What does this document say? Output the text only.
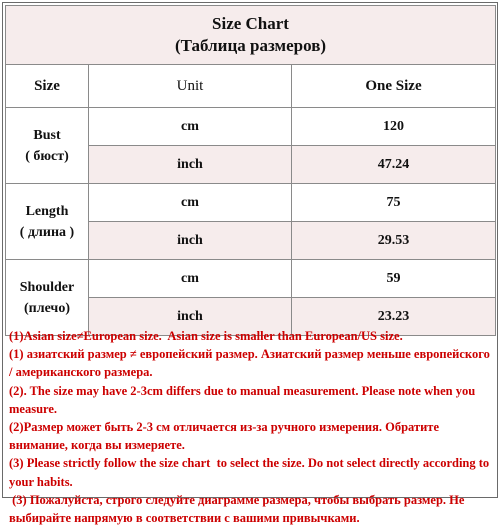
Size Chart
(Таблица размеров)		

Size	Unit	One Size

Bust
( бюст)	cm	120
	inch	47.24

Length
( длина )	cm	75
	inch	29.53

Shoulder
(плечо)	cm	59
	inch	23.23
(1)Asian size≠European size.  Asian size is smaller than European/US size.
(1) азиатский размер ≠ европейский размер. Азиатский размер меньше европейского / американского размера.
(2). The size may have 2-3cm differs due to manual measurement. Please note when you measure.
(2)Размер может быть 2-3 см отличается из-за ручного измерения. Обратите внимание, когда вы измеряете.
(3) Please strictly follow the size chart  to select the size. Do not select directly according to your habits.
(3) Пожалуйста, строго следуйте диаграмме размера, чтобы выбрать размер. Не выбирайте напрямую в соответствии с вашими привычками.
